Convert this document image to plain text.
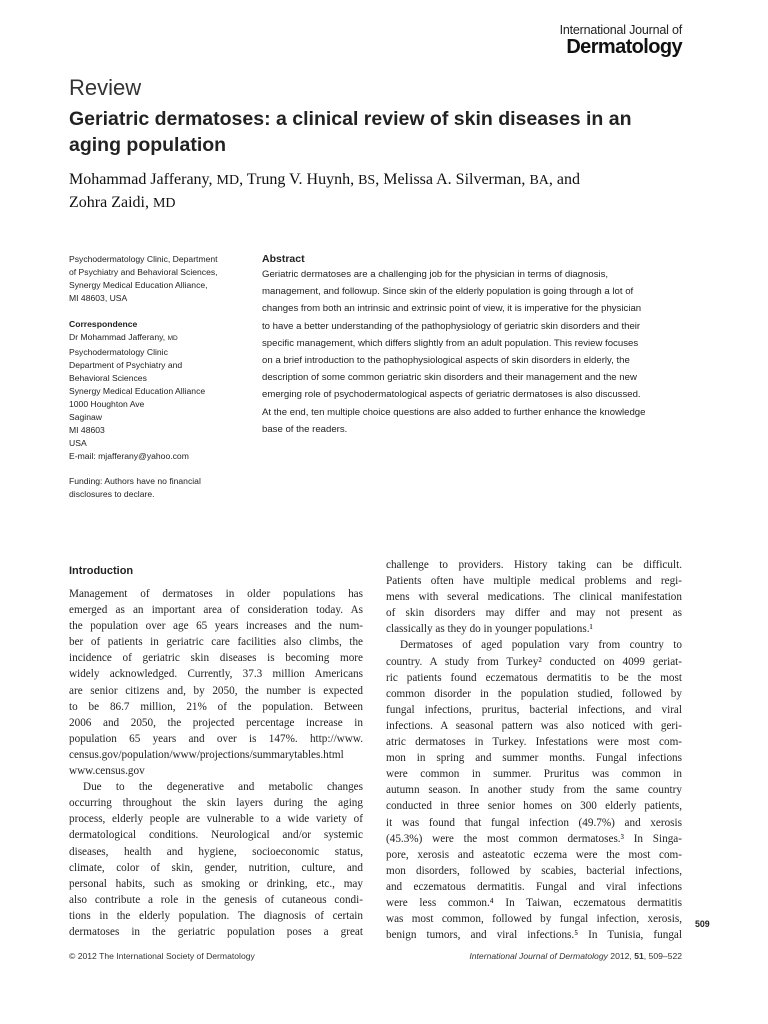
International Journal of
Dermatology
Review
Geriatric dermatoses: a clinical review of skin diseases in an aging population
Mohammad Jafferany, MD, Trung V. Huynh, BS, Melissa A. Silverman, BA, and
Zohra Zaidi, MD
Psychodermatology Clinic, Department
of Psychiatry and Behavioral Sciences,
Synergy Medical Education Alliance,
MI 48603, USA
Correspondence
Dr Mohammad Jafferany, MD
Psychodermatology Clinic
Department of Psychiatry and
Behavioral Sciences
Synergy Medical Education Alliance
1000 Houghton Ave
Saginaw
MI 48603
USA
E-mail: mjafferany@yahoo.com
Funding: Authors have no financial
disclosures to declare.
Abstract
Geriatric dermatoses are a challenging job for the physician in terms of diagnosis,
management, and followup. Since skin of the elderly population is going through a lot of
changes from both an intrinsic and extrinsic point of view, it is imperative for the physician
to have a better understanding of the pathophysiology of geriatric skin disorders and their
specific management, which differs slightly from an adult population. This review focuses
on a brief introduction to the pathophysiological aspects of skin disorders in elderly, the
description of some common geriatric skin disorders and their management and the new
emerging role of psychodermatological aspects of geriatric dermatoses is also discussed.
At the end, ten multiple choice questions are also added to further enhance the knowledge
base of the readers.
Introduction
Management of dermatoses in older populations has
emerged as an important area of consideration today. As
the population over age 65 years increases and the num-
ber of patients in geriatric care facilities also climbs, the
incidence of geriatric skin diseases is becoming more
widely acknowledged. Currently, 37.3 million Americans
are senior citizens and, by 2050, the number is expected
to be 86.7 million, 21% of the population. Between
2006 and 2050, the projected percentage increase in
population 65 years and over is 147%. http://www.
census.gov/population/www/projections/summarytables.html
www.census.gov
Due to the degenerative and metabolic changes
occurring throughout the skin layers during the aging
process, elderly people are vulnerable to a wide variety of
dermatological conditions. Neurological and/or systemic
diseases, health and hygiene, socioeconomic status,
climate, color of skin, gender, nutrition, culture, and
personal habits, such as smoking or drinking, etc., may
also contribute a role in the genesis of cutaneous condi-
tions in the elderly population. The diagnosis of certain
dermatoses in the geriatric population poses a great
challenge to providers. History taking can be difficult.
Patients often have multiple medical problems and regi-
mens with several medications. The clinical manifestation
of skin disorders may differ and may not present as
classically as they do in younger populations.¹
Dermatoses of aged population vary from country to
country. A study from Turkey² conducted on 4099 geriat-
ric patients found eczematous dermatitis to be the most
common disorder in the population studied, followed by
fungal infections, pruritus, bacterial infections, and viral
infections. A seasonal pattern was also noticed with geri-
atric dermatoses in Turkey. Infestations were most com-
mon in spring and summer months. Fungal infections
were common in summer. Pruritus was common in
autumn season. In another study from the same country
conducted in three senior homes on 300 elderly patients,
it was found that fungal infection (49.7%) and xerosis
(45.3%) were the most common dermatoses.³ In Singa-
pore, xerosis and asteatotic eczema were the most com-
mon disorders, followed by scabies, bacterial infections,
and eczematous dermatitis. Fungal and viral infections
were less common.⁴ In Taiwan, eczematous dermatitis
was most common, followed by fungal infection, xerosis,
benign tumors, and viral infections.⁵ In Tunisia, fungal
509
© 2012 The International Society of Dermatology	International Journal of Dermatology 2012, 51, 509–522
